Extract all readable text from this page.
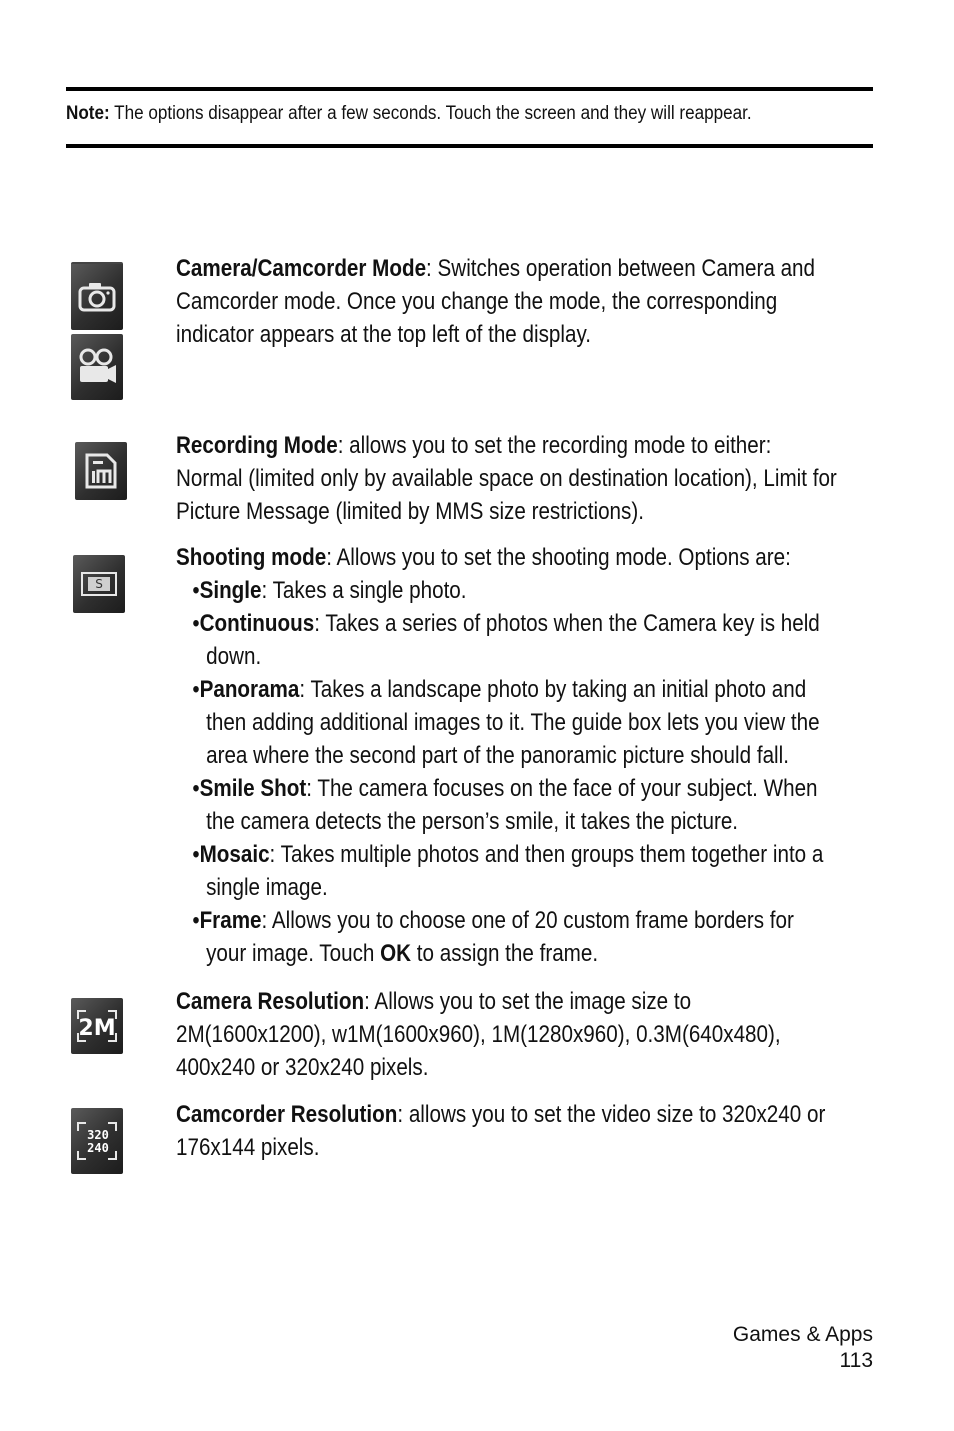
Note: The options disappear after a few seconds. Touch the screen and they will reappear.
Camera/Camcorder Mode: Switches operation between Camera and Camcorder mode. Once you change the mode, the corresponding indicator appears at the top left of the display.
Recording Mode: allows you to set the recording mode to either: Normal (limited only by available space on destination location), Limit for Picture Message (limited by MMS size restrictions).
S
Shooting mode: Allows you to set the shooting mode. Options are:
• Single: Takes a single photo.
• Continuous: Takes a series of photos when the Camera key is held down.
• Panorama: Takes a landscape photo by taking an initial photo and then adding additional images to it. The guide box lets you view the area where the second part of the panoramic picture should fall.
• Smile Shot: The camera focuses on the face of your subject. When the camera detects the person’s smile, it takes the picture.
• Mosaic: Takes multiple photos and then groups them together into a single image.
• Frame: Allows you to choose one of 20 custom frame borders for your image. Touch OK to assign the frame.
2M
Camera Resolution: Allows you to set the image size to 2M(1600x1200), w1M(1600x960), 1M(1280x960), 0.3M(640x480), 400x240 or 320x240 pixels.
320
240
Camcorder Resolution: allows you to set the video size to 320x240 or 176x144 pixels.
Games & Apps
113
